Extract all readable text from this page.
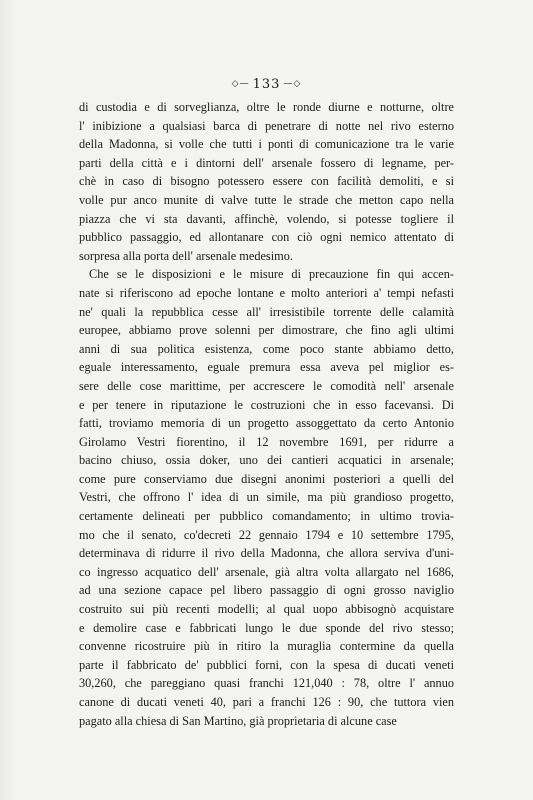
◇— 133 —◇
di custodia e di sorveglianza, oltre le ronde diurne e notturne, oltre
l' inibizione a qualsiasi barca di penetrare di notte nel rivo esterno
della Madonna, si volle che tutti i ponti di comunicazione tra le varie
parti della città e i dintorni dell' arsenale fossero di legname, per-
chè in caso di bisogno potessero essere con facilità demoliti, e si
volle pur anco munite di valve tutte le strade che metton capo nella
piazza che vi sta davanti, affinchè, volendo, si potesse togliere il
pubblico passaggio, ed allontanare con ciò ogni nemico attentato di
sorpresa alla porta dell' arsenale medesimo.
Che se le disposizioni e le misure di precauzione fin qui accen-
nate si riferiscono ad epoche lontane e molto anteriori a' tempi nefasti
ne' quali la repubblica cesse all' irresistibile torrente delle calamità
europee, abbiamo prove solenni per dimostrare, che fino agli ultimi
anni di sua politica esistenza, come poco stante abbiamo detto,
eguale interessamento, eguale premura essa aveva pel miglior es-
sere delle cose marittime, per accrescere le comodità nell' arsenale
e per tenere in riputazione le costruzioni che in esso facevansi. Di
fatti, troviamo memoria di un progetto assoggettato da certo Antonio
Girolamo Vestri fiorentino, il 12 novembre 1691, per ridurre a
bacino chiuso, ossia doker, uno dei cantieri acquatici in arsenale;
come pure conserviamo due disegni anonimi posteriori a quelli del
Vestri, che offrono l' idea di un simile, ma più grandioso progetto,
certamente delineati per pubblico comandamento; in ultimo trovia-
mo che il senato, co'decreti 22 gennaio 1794 e 10 settembre 1795,
determinava di ridurre il rivo della Madonna, che allora serviva d'uni-
co ingresso acquatico dell' arsenale, già altra volta allargato nel 1686,
ad una sezione capace pel libero passaggio di ogni grosso naviglio
costruito sui più recenti modelli; al qual uopo abbisognò acquistare
e demolire case e fabbricati lungo le due sponde del rivo stesso;
convenne ricostruire più in ritiro la muraglia contermine da quella
parte il fabbricato de' pubblici forni, con la spesa di ducati veneti
30,260, che pareggiano quasi franchi 121,040 : 78, oltre l' annuo
canone di ducati veneti 40, pari a franchi 126 : 90, che tuttora vien
pagato alla chiesa di San Martino, già proprietaria di alcune case
